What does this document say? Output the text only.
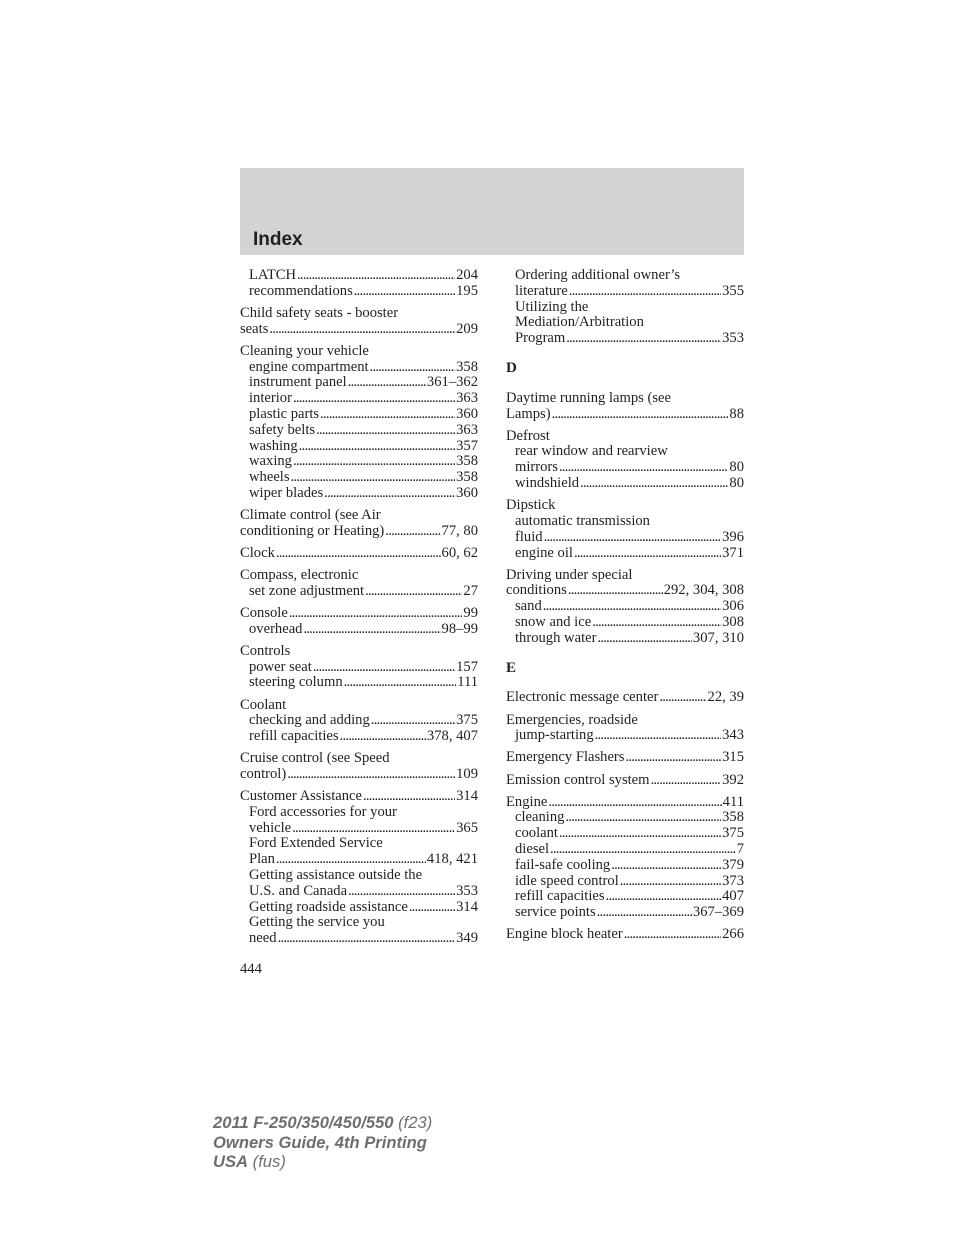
Index
LATCH . . .	204
recommendations . . .	195
Child safety seats - booster
seats . . .	209
Cleaning your vehicle
engine compartment . . .	358
instrument panel . . .	361–362
interior . . .	363
plastic parts . . .	360
safety belts . . .	363
washing . . .	357
waxing . . .	358
wheels . . .	358
wiper blades . . .	360
Climate control (see Air
conditioning or Heating) . . .	77, 80
Clock . . .	60, 62
Compass, electronic
set zone adjustment . . .	27
Console . . .	99
overhead . . .	98–99
Controls
power seat . . .	157
steering column . . .	111
Coolant
checking and adding . . .	375
refill capacities . . .	378, 407
Cruise control (see Speed
control) . . .	109
Customer Assistance . . .	314
Ford accessories for your
vehicle . . .	365
Ford Extended Service
Plan . . .	418, 421
Getting assistance outside the
U.S. and Canada . . .	353
Getting roadside assistance . . .	314
Getting the service you
need . . .	349
Ordering additional owner’s
literature . . .	355
Utilizing the
Mediation/Arbitration
Program . . .	353
D
Daytime running lamps (see
Lamps) . . .	88
Defrost
rear window and rearview
mirrors . . .	80
windshield . . .	80
Dipstick
automatic transmission
fluid . . .	396
engine oil . . .	371
Driving under special
conditions . . .	292, 304, 308
sand . . .	306
snow and ice . . .	308
through water . . .	307, 310
E
Electronic message center . . .	22, 39
Emergencies, roadside
jump-starting . . .	343
Emergency Flashers . . .	315
Emission control system . . .	392
Engine . . .	411
cleaning . . .	358
coolant . . .	375
diesel . . .	7
fail-safe cooling . . .	379
idle speed control . . .	373
refill capacities . . .	407
service points . . .	367–369
Engine block heater . . .	266
444
2011 F-250/350/450/550 (f23)
Owners Guide, 4th Printing
USA (fus)
